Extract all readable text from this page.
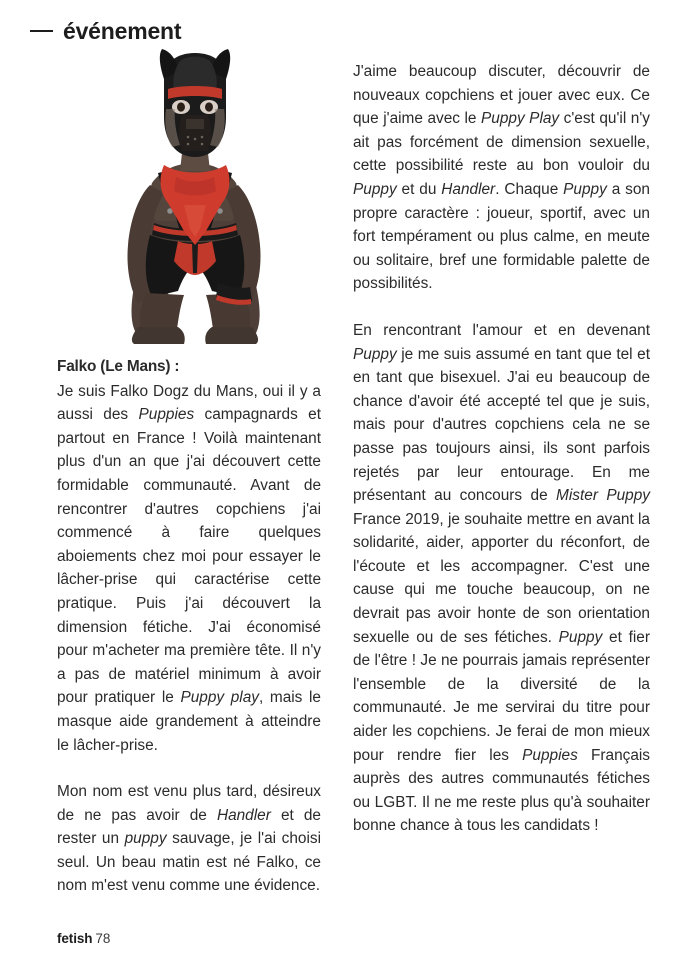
événement

Falko (Le Mans) :
Je suis Falko Dogz du Mans, oui il y a aussi des Puppies campagnards et partout en France ! Voilà maintenant plus d'un an que j'ai découvert cette formidable communauté. Avant de rencontrer d'autres copchiens j'ai commencé à faire quelques aboiements chez moi pour essayer le lâcher-prise qui caractérise cette pratique. Puis j'ai découvert la dimension fétiche. J'ai économisé pour m'acheter ma première tête. Il n'y a pas de matériel minimum à avoir pour pratiquer le Puppy play, mais le masque aide grandement à atteindre le lâcher-prise.

Mon nom est venu plus tard, désireux de ne pas avoir de Handler et de rester un puppy sauvage, je l'ai choisi seul. Un beau matin est né Falko, ce nom m'est venu comme une évidence.

J'aime beaucoup discuter, découvrir de nouveaux copchiens et jouer avec eux. Ce que j'aime avec le Puppy Play c'est qu'il n'y ait pas forcément de dimension sexuelle, cette possibilité reste au bon vouloir du Puppy et du Handler. Chaque Puppy a son propre caractère : joueur, sportif, avec un fort tempérament ou plus calme, en meute ou solitaire, bref une formidable palette de possibilités.

En rencontrant l'amour et en devenant Puppy je me suis assumé en tant que tel et en tant que bisexuel. J'ai eu beaucoup de chance d'avoir été accepté tel que je suis, mais pour d'autres copchiens cela ne se passe pas toujours ainsi, ils sont parfois rejetés par leur entourage. En me présentant au concours de Mister Puppy France 2019, je souhaite mettre en avant la solidarité, aider, apporter du réconfort, de l'écoute et les accompagner. C'est une cause qui me touche beaucoup, on ne devrait pas avoir honte de son orientation sexuelle ou de ses fétiches. Puppy et fier de l'être ! Je ne pourrais jamais représenter l'ensemble de la diversité de la communauté. Je me servirai du titre pour aider les copchiens. Je ferai de mon mieux pour rendre fier les Puppies Français auprès des autres communautés fétiches ou LGBT. Il ne me reste plus qu'à souhaiter bonne chance à tous les candidats !

fetish 78
